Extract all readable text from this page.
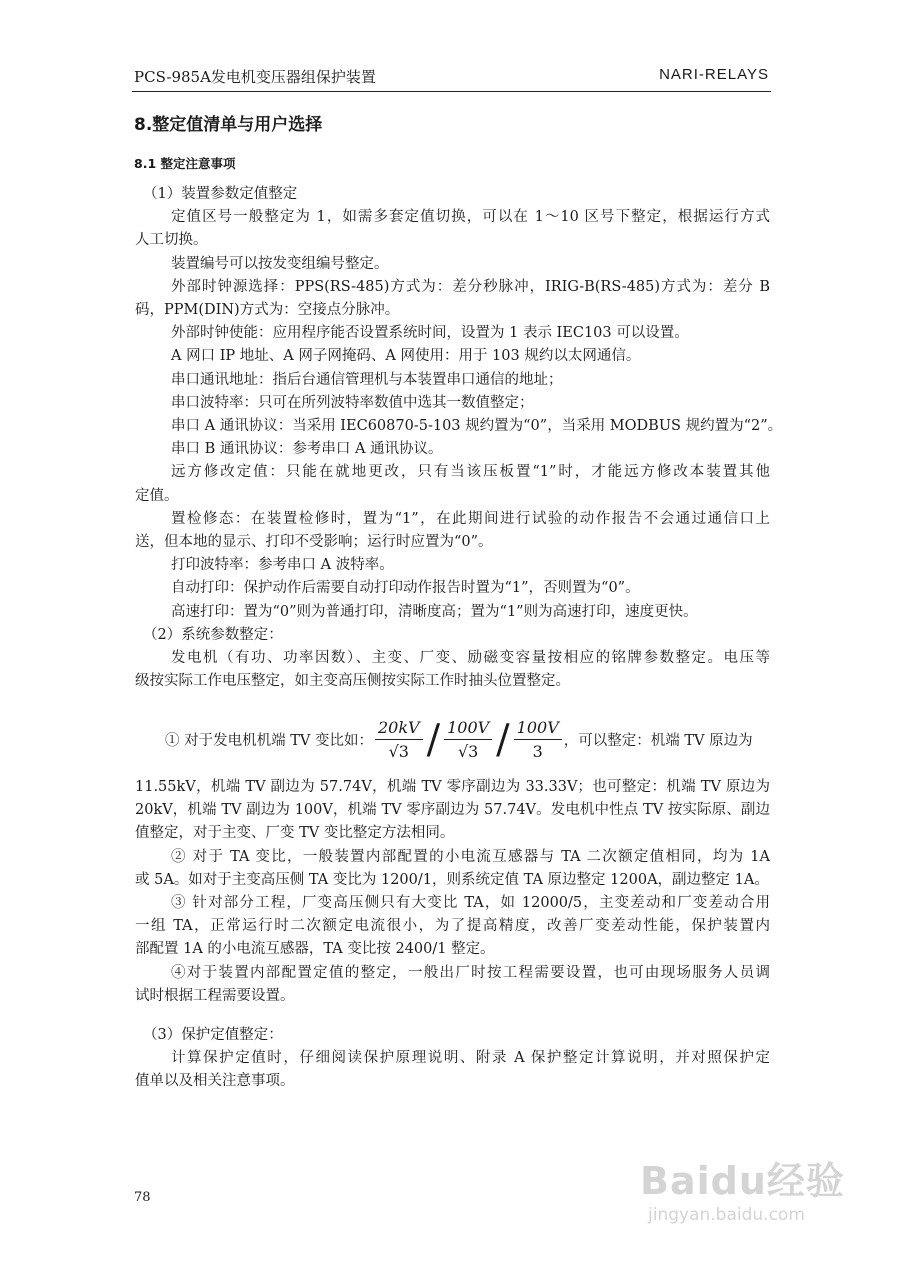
PCS-985A发电机变压器组保护装置	NARI-RELAYS
8.整定值清单与用户选择
8.1 整定注意事项
（1）装置参数定值整定
定值区号一般整定为 1，如需多套定值切换，可以在 1～10 区号下整定，根据运行方式
人工切换。
装置编号可以按发变组编号整定。
外部时钟源选择：PPS(RS-485)方式为：差分秒脉冲，IRIG-B(RS-485)方式为：差分 B
码，PPM(DIN)方式为：空接点分脉冲。
外部时钟使能：应用程序能否设置系统时间，设置为 1 表示 IEC103 可以设置。
A 网口 IP 地址、A 网子网掩码、A 网使用：用于 103 规约以太网通信。
串口通讯地址：指后台通信管理机与本装置串口通信的地址；
串口波特率：只可在所列波特率数值中选其一数值整定；
串口 A 通讯协议：当采用 IEC60870-5-103 规约置为“0”，当采用 MODBUS 规约置为“2”。
串口 B 通讯协议：参考串口 A 通讯协议。
远方修改定值：只能在就地更改，只有当该压板置“1”时，才能远方修改本装置其他
定值。
置检修态：在装置检修时，置为“1”，在此期间进行试验的动作报告不会通过通信口上
送，但本地的显示、打印不受影响；运行时应置为“0”。
打印波特率：参考串口 A 波特率。
自动打印：保护动作后需要自动打印动作报告时置为“1”，否则置为“0”。
高速打印：置为“0”则为普通打印，清晰度高；置为“1”则为高速打印，速度更快。
（2）系统参数整定：
发电机（有功、功率因数）、主变、厂变、励磁变容量按相应的铭牌参数整定。电压等
级按实际工作电压整定，如主变高压侧按实际工作时抽头位置整定。
① 对于发电机机端 TV 变比如： $\frac{20kV}{√3} / \frac{100V}{√3} / \frac{100V}{3}$ ，可以整定：机端 TV 原边为
11.55kV，机端 TV 副边为 57.74V，机端 TV 零序副边为 33.33V；也可整定：机端 TV 原边为
20kV，机端 TV 副边为 100V，机端 TV 零序副边为 57.74V。发电机中性点 TV 按实际原、副边
值整定，对于主变、厂变 TV 变比整定方法相同。
② 对于 TA 变比，一般装置内部配置的小电流互感器与 TA 二次额定值相同，均为 1A
或 5A。如对于主变高压侧 TA 变比为 1200/1，则系统定值 TA 原边整定 1200A，副边整定 1A。
③ 针对部分工程，厂变高压侧只有大变比 TA，如 12000/5，主变差动和厂变差动合用
一组 TA，正常运行时二次额定电流很小，为了提高精度，改善厂变差动性能，保护装置内
部配置 1A 的小电流互感器，TA 变比按 2400/1 整定。
④对于装置内部配置定值的整定，一般出厂时按工程需要设置，也可由现场服务人员调
试时根据工程需要设置。
（3）保护定值整定：
计算保护定值时，仔细阅读保护原理说明、附录 A 保护整定计算说明，并对照保护定
值单以及相关注意事项。
78	Baidu经验
jingyan.baidu.com
